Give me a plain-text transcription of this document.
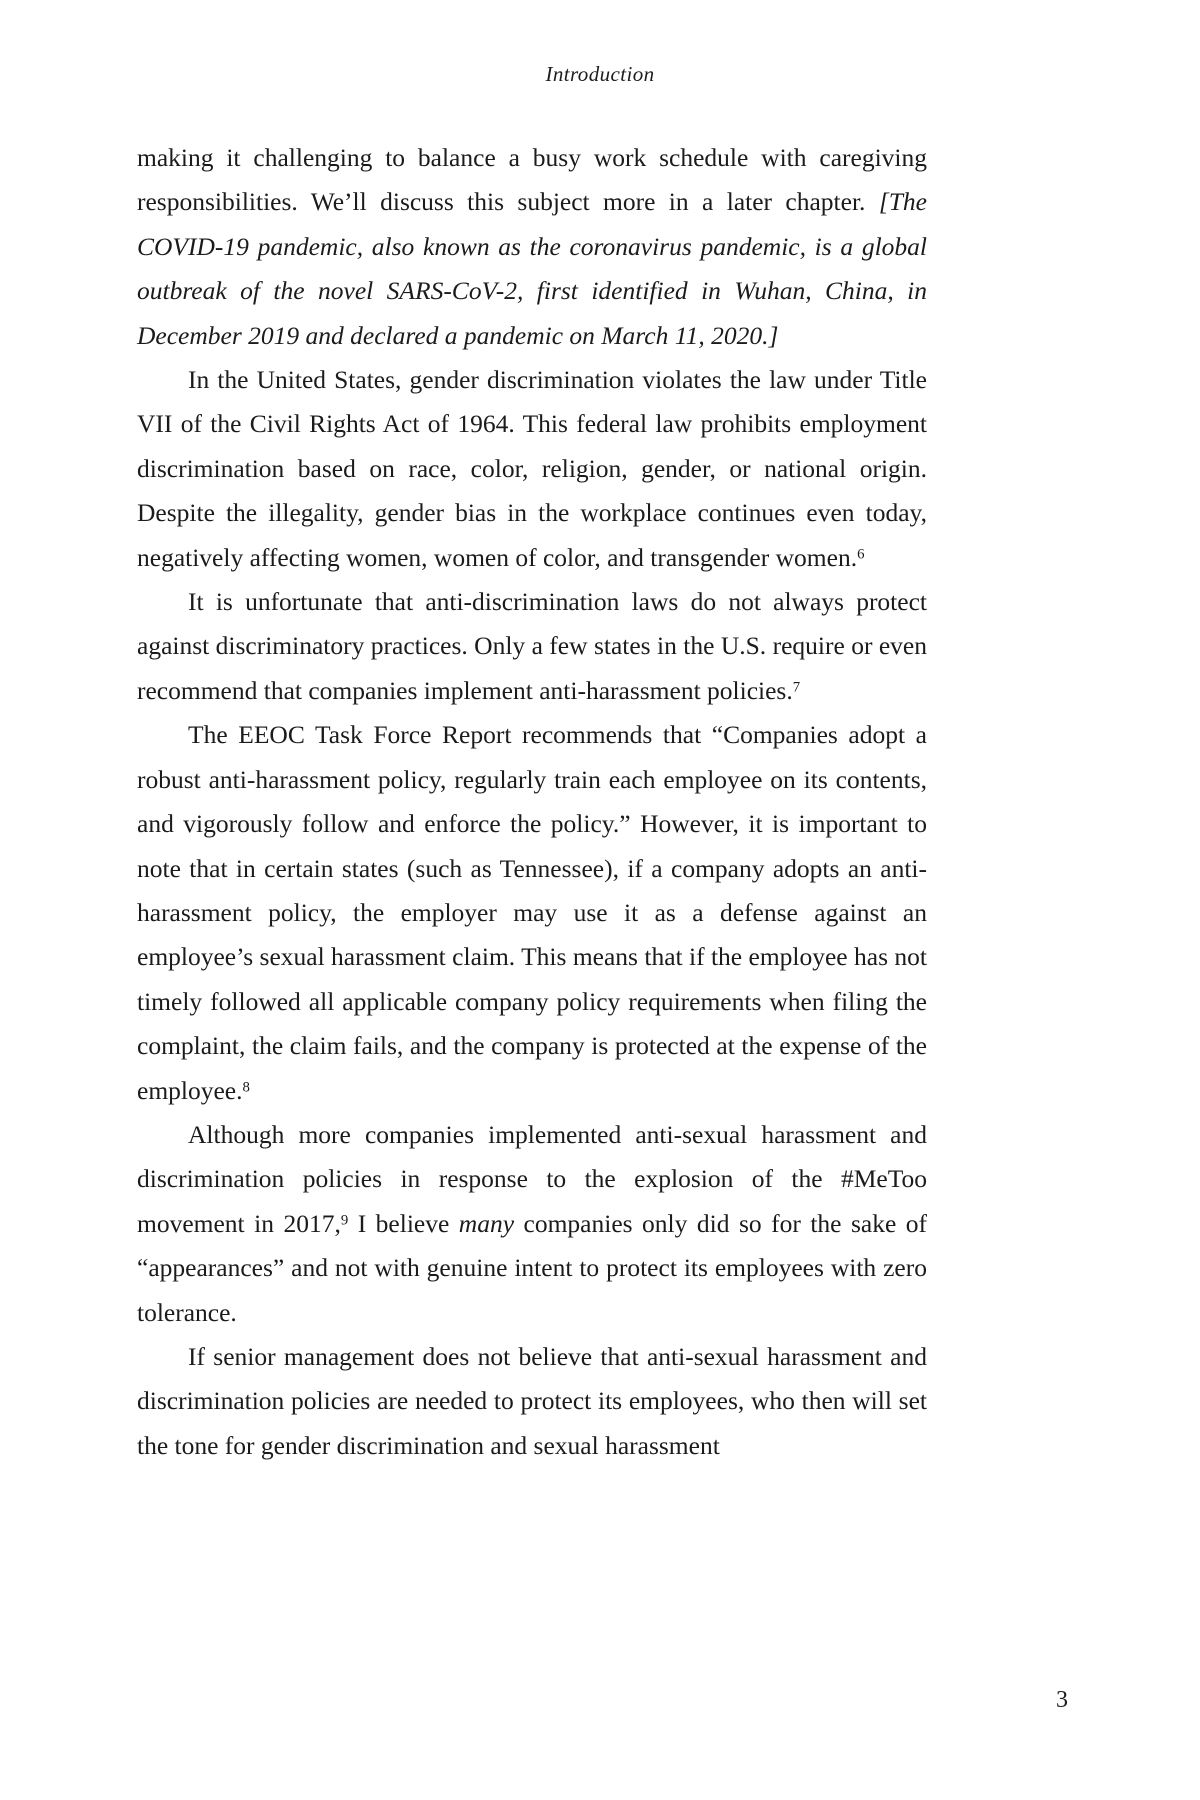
Introduction

making it challenging to balance a busy work schedule with caregiving responsibilities. We’ll discuss this subject more in a later chapter. [The COVID-19 pandemic, also known as the coronavirus pandemic, is a global outbreak of the novel SARS-CoV-2, first identified in Wuhan, China, in December 2019 and declared a pandemic on March 11, 2020.]

In the United States, gender discrimination violates the law under Title VII of the Civil Rights Act of 1964. This federal law prohibits employment discrimination based on race, color, religion, gender, or national origin. Despite the illegality, gender bias in the workplace continues even today, negatively affecting women, women of color, and transgender women.$^6$

It is unfortunate that anti-discrimination laws do not always protect against discriminatory practices. Only a few states in the U.S. require or even recommend that companies implement anti-harassment policies.$^7$

The EEOC Task Force Report recommends that “Companies adopt a robust anti-harassment policy, regularly train each employee on its contents, and vigorously follow and enforce the policy.” However, it is important to note that in certain states (such as Tennessee), if a company adopts an anti-harassment policy, the employer may use it as a defense against an employee’s sexual harassment claim. This means that if the employee has not timely followed all applicable company policy requirements when filing the complaint, the claim fails, and the company is protected at the expense of the employee.$^8$

Although more companies implemented anti-sexual harassment and discrimination policies in response to the explosion of the #MeToo movement in 2017,$^9$ I believe many companies only did so for the sake of “appearances” and not with genuine intent to protect its employees with zero tolerance.

If senior management does not believe that anti-sexual harassment and discrimination policies are needed to protect its employees, who then will set the tone for gender discrimination and sexual harassment

3
